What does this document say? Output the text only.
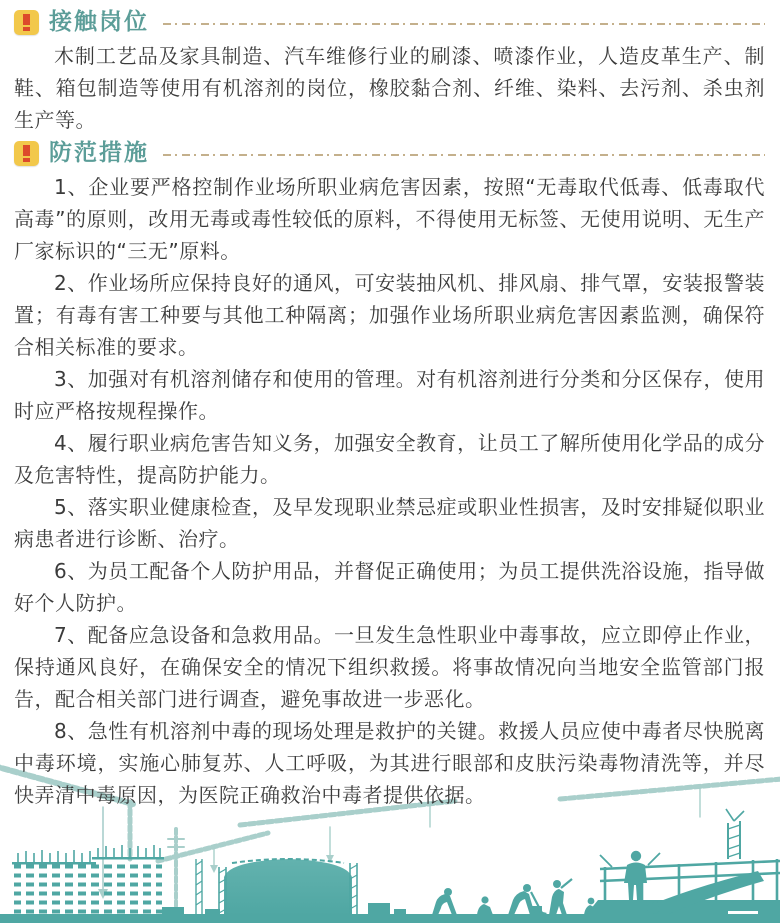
接触岗位

木制工艺品及家具制造、汽车维修行业的刷漆、喷漆作业，人造皮革生产、制鞋、箱包制造等使用有机溶剂的岗位，橡胶黏合剂、纤维、染料、去污剂、杀虫剂生产等。

防范措施

1、企业要严格控制作业场所职业病危害因素，按照“无毒取代低毒、低毒取代高毒”的原则，改用无毒或毒性较低的原料，不得使用无标签、无使用说明、无生产厂家标识的“三无”原料。

2、作业场所应保持良好的通风，可安装抽风机、排风扇、排气罩，安装报警装置；有毒有害工种要与其他工种隔离；加强作业场所职业病危害因素监测，确保符合相关标准的要求。

3、加强对有机溶剂储存和使用的管理。对有机溶剂进行分类和分区保存，使用时应严格按规程操作。

4、履行职业病危害告知义务，加强安全教育，让员工了解所使用化学品的成分及危害特性，提高防护能力。

5、落实职业健康检查，及早发现职业禁忌症或职业性损害，及时安排疑似职业病患者进行诊断、治疗。

6、为员工配备个人防护用品，并督促正确使用；为员工提供洗浴设施，指导做好个人防护。

7、配备应急设备和急救用品。一旦发生急性职业中毒事故，应立即停止作业，保持通风良好，在确保安全的情况下组织救援。将事故情况向当地安全监管部门报告，配合相关部门进行调查，避免事故进一步恶化。

8、急性有机溶剂中毒的现场处理是救护的关键。救援人员应使中毒者尽快脱离中毒环境，实施心肺复苏、人工呼吸，为其进行眼部和皮肤污染毒物清洗等，并尽快弄清中毒原因，为医院正确救治中毒者提供依据。
